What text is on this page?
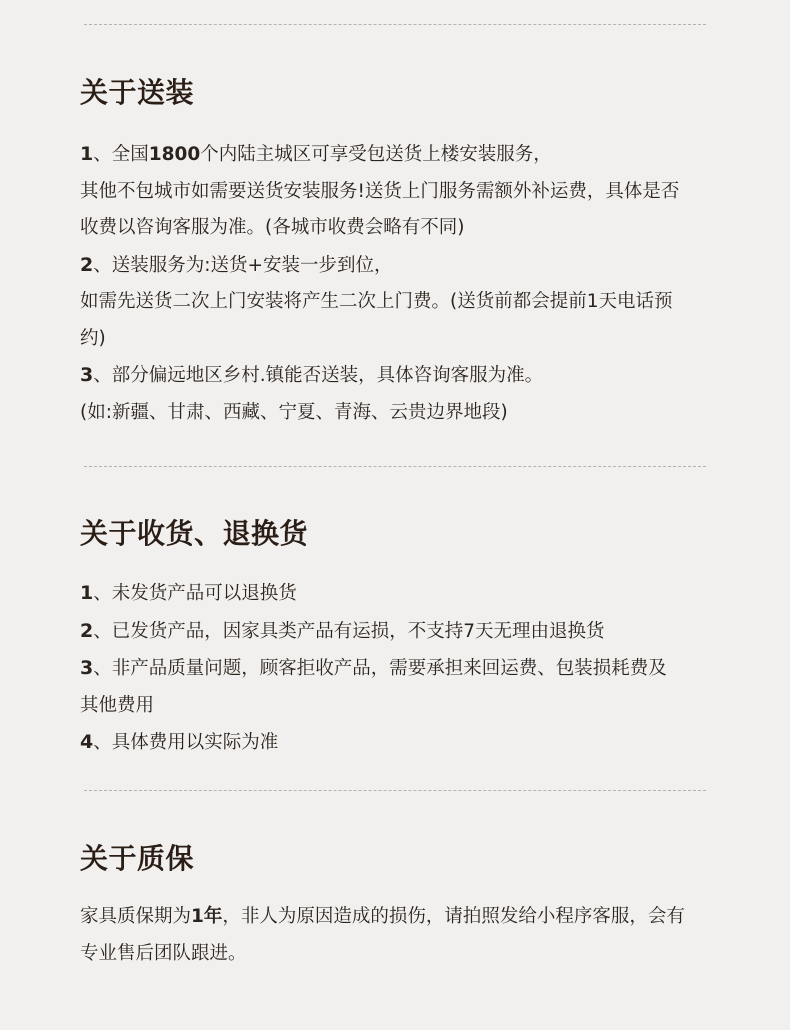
关于送装
1、全国1800个内陆主城区可享受包送货上楼安装服务，
其他不包城市如需要送货安装服务!送货上门服务需额外补运费，具体是否
收费以咨询客服为准。(各城市收费会略有不同)
2、送装服务为:送货+安装一步到位，
如需先送货二次上门安装将产生二次上门费。(送货前都会提前1天电话预
约)
3、部分偏远地区乡村.镇能否送装，具体咨询客服为准。
(如:新疆、甘肃、西藏、宁夏、青海、云贵边界地段)
关于收货、退换货
1、未发货产品可以退换货
2、已发货产品，因家具类产品有运损，不支持7天无理由退换货
3、非产品质量问题，顾客拒收产品，需要承担来回运费、包装损耗费及
其他费用
4、具体费用以实际为准
关于质保
家具质保期为1年，非人为原因造成的损伤，请拍照发给小程序客服，会有
专业售后团队跟进。
